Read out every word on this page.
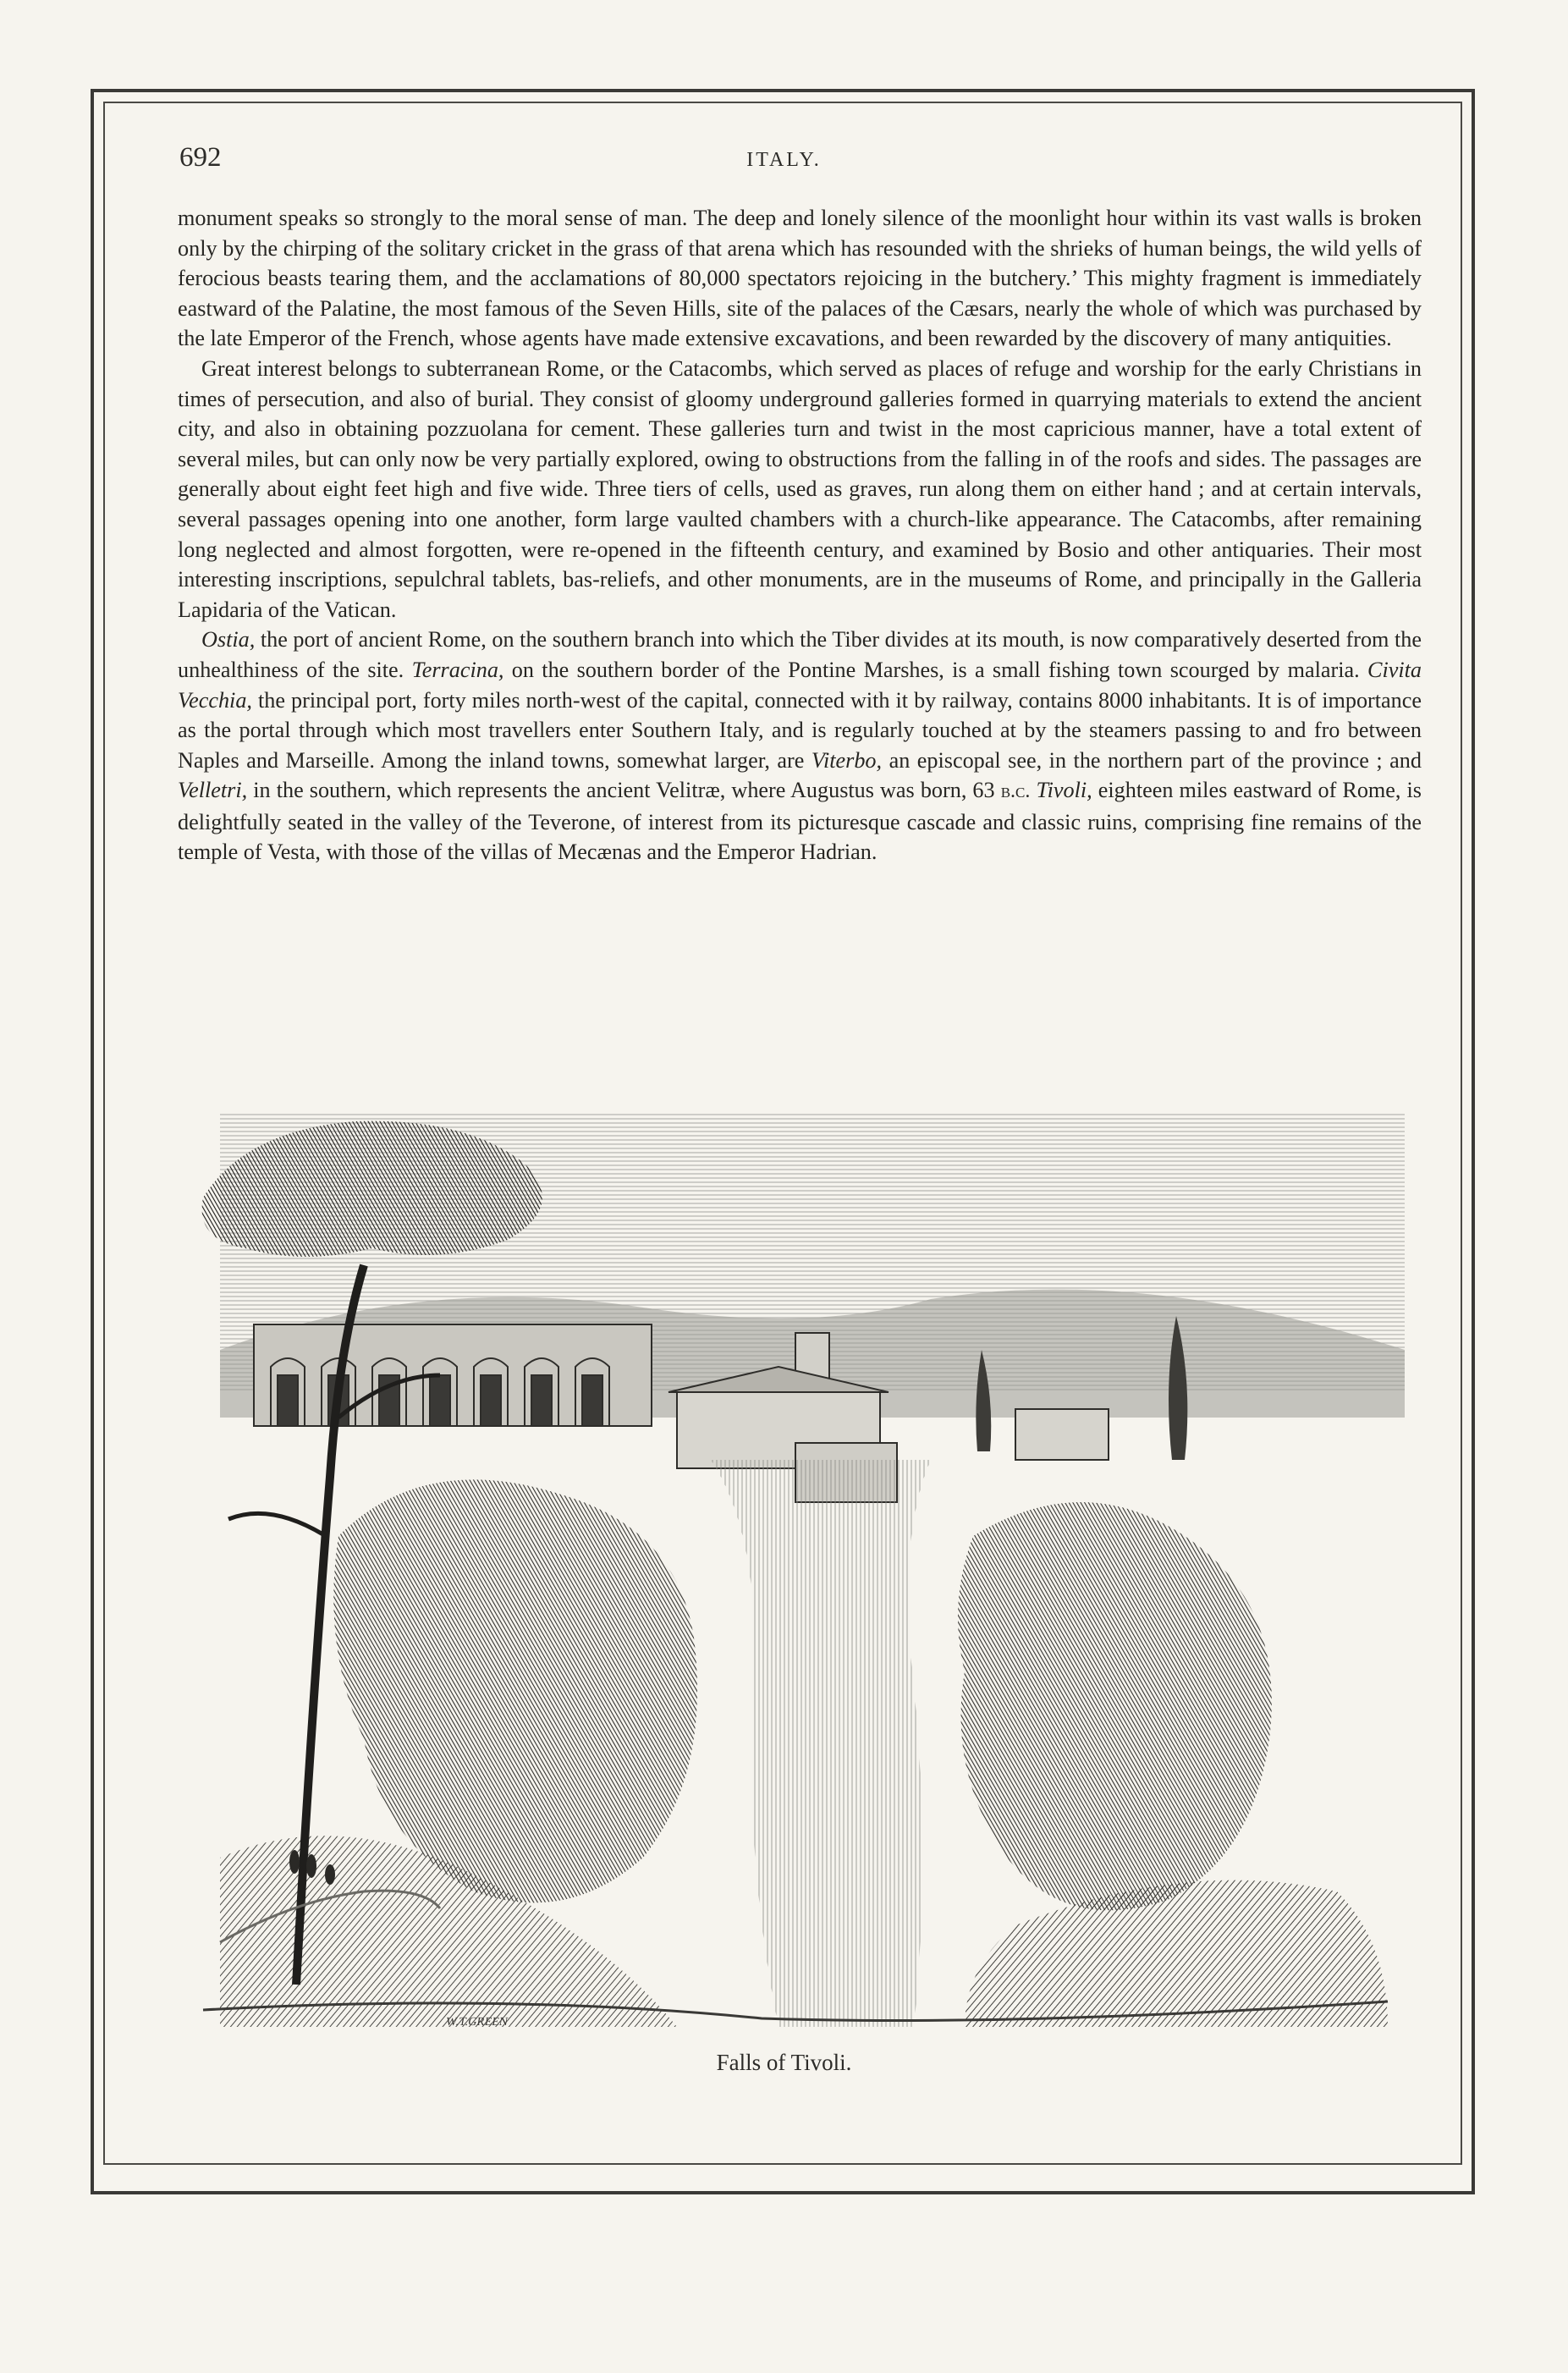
692	ITALY.

monument speaks so strongly to the moral sense of man. The deep and lonely silence of the moonlight hour within its vast walls is broken only by the chirping of the solitary cricket in the grass of that arena which has resounded with the shrieks of human beings, the wild yells of ferocious beasts tearing them, and the acclamations of 80,000 spectators rejoicing in the butchery.’ This mighty fragment is immediately eastward of the Palatine, the most famous of the Seven Hills, site of the palaces of the Cæsars, nearly the whole of which was purchased by the late Emperor of the French, whose agents have made extensive excavations, and been rewarded by the discovery of many antiquities.

Great interest belongs to subterranean Rome, or the Catacombs, which served as places of refuge and worship for the early Christians in times of persecution, and also of burial. They consist of gloomy underground galleries formed in quarrying materials to extend the ancient city, and also in obtaining pozzuolana for cement. These galleries turn and twist in the most capricious manner, have a total extent of several miles, but can only now be very partially explored, owing to obstructions from the falling in of the roofs and sides. The passages are generally about eight feet high and five wide. Three tiers of cells, used as graves, run along them on either hand ; and at certain intervals, several passages opening into one another, form large vaulted chambers with a church-like appearance. The Catacombs, after remaining long neglected and almost forgotten, were re-opened in the fifteenth century, and examined by Bosio and other antiquaries. Their most interesting inscriptions, sepulchral tablets, bas-reliefs, and other monuments, are in the museums of Rome, and principally in the Galleria Lapidaria of the Vatican.

Ostia, the port of ancient Rome, on the southern branch into which the Tiber divides at its mouth, is now comparatively deserted from the unhealthiness of the site. Terracina, on the southern border of the Pontine Marshes, is a small fishing town scourged by malaria. Civita Vecchia, the principal port, forty miles north-west of the capital, connected with it by railway, contains 8000 inhabitants. It is of importance as the portal through which most travellers enter Southern Italy, and is regularly touched at by the steamers passing to and fro between Naples and Marseille. Among the inland towns, somewhat larger, are Viterbo, an episcopal see, in the northern part of the province ; and Velletri, in the southern, which represents the ancient Velitræ, where Augustus was born, 63 b.c. Tivoli, eighteen miles eastward of Rome, is delightfully seated in the valley of the Teverone, of interest from its picturesque cascade and classic ruins, comprising fine remains of the temple of Vesta, with those of the villas of Mecænas and the Emperor Hadrian.

W.T.GREEN
Falls of Tivoli.
